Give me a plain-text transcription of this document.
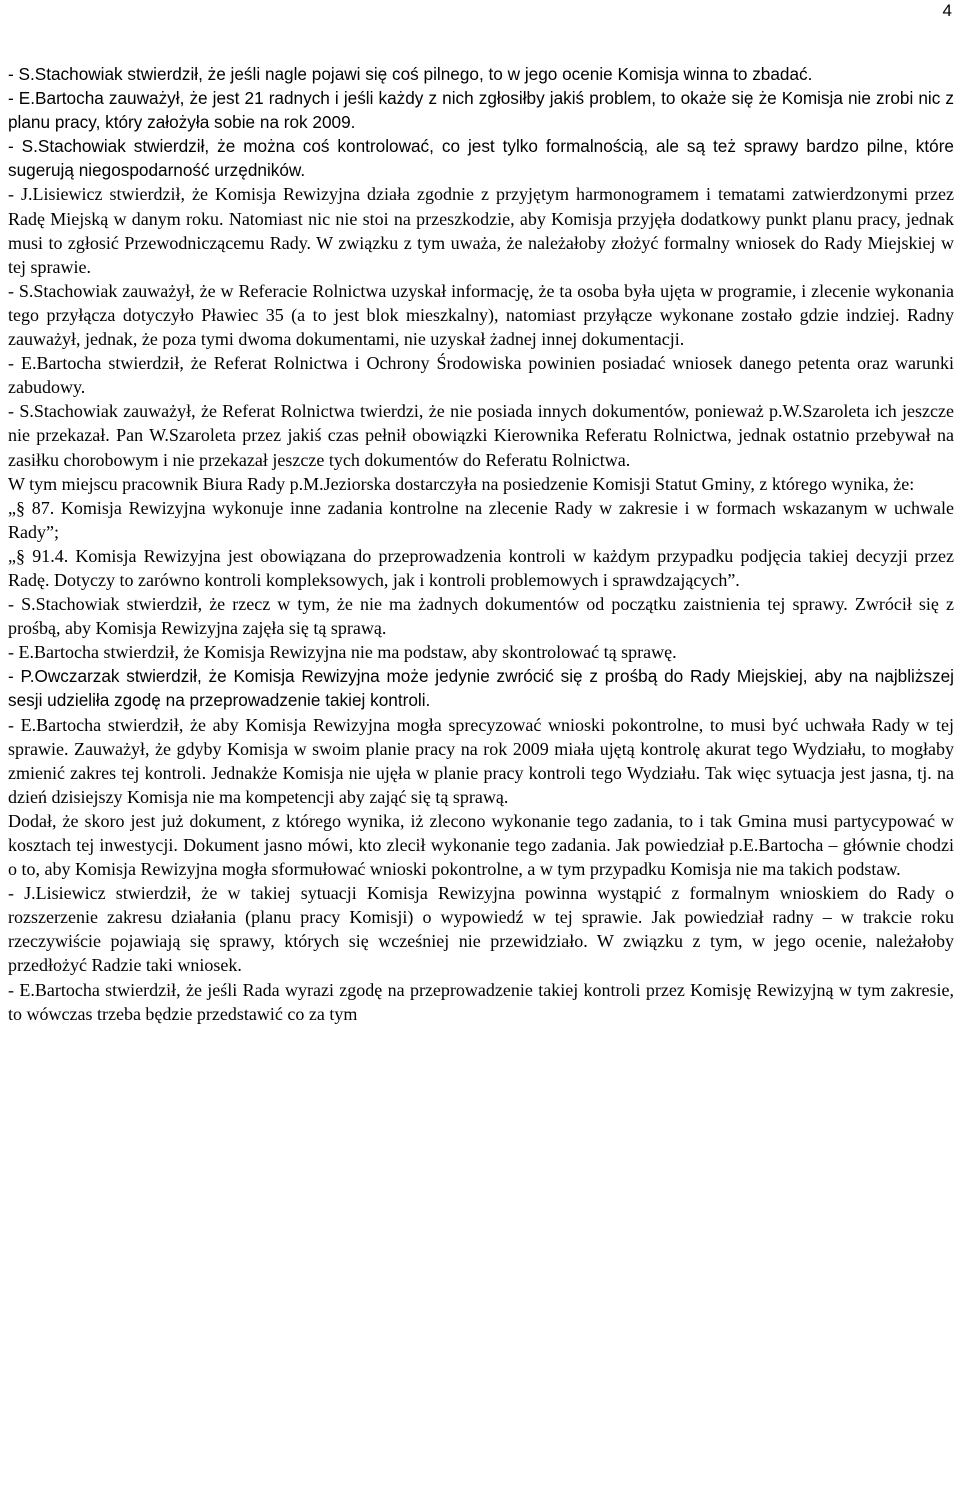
4

- S.Stachowiak stwierdził, że jeśli nagle pojawi się coś pilnego, to w jego ocenie Komisja winna to zbadać.

- E.Bartocha zauważył, że jest 21 radnych i jeśli każdy z nich zgłosiłby jakiś problem, to okaże się że Komisja nie zrobi nic z planu pracy, który założyła sobie na rok 2009.

- S.Stachowiak stwierdził, że można coś kontrolować, co jest tylko formalnością, ale są też sprawy bardzo pilne, które sugerują niegospodarność urzędników.

- J.Lisiewicz stwierdził, że Komisja Rewizyjna działa zgodnie z przyjętym harmonogramem i tematami zatwierdzonymi przez Radę Miejską w danym roku. Natomiast nic nie stoi na przeszkodzie, aby Komisja przyjęła dodatkowy punkt planu pracy, jednak musi to zgłosić Przewodniczącemu Rady. W związku z tym uważa, że należałoby złożyć formalny wniosek do Rady Miejskiej w tej sprawie.

- S.Stachowiak zauważył, że w Referacie Rolnictwa uzyskał informację, że ta osoba była ujęta w programie, i zlecenie wykonania tego przyłącza dotyczyło Pławiec 35 (a to jest blok mieszkalny), natomiast przyłącze wykonane zostało gdzie indziej. Radny zauważył, jednak, że poza tymi dwoma dokumentami, nie uzyskał żadnej innej dokumentacji.

- E.Bartocha stwierdził, że Referat Rolnictwa i Ochrony Środowiska powinien posiadać wniosek danego petenta oraz warunki zabudowy.

- S.Stachowiak zauważył, że Referat Rolnictwa twierdzi, że nie posiada innych dokumentów, ponieważ p.W.Szaroleta ich jeszcze nie przekazał. Pan W.Szaroleta przez jakiś czas pełnił obowiązki Kierownika Referatu Rolnictwa, jednak ostatnio przebywał na zasiłku chorobowym i nie przekazał jeszcze tych dokumentów do Referatu Rolnictwa.

W tym miejscu pracownik Biura Rady p.M.Jeziorska dostarczyła na posiedzenie Komisji Statut Gminy, z którego wynika, że:

„§ 87. Komisja Rewizyjna wykonuje inne zadania kontrolne na zlecenie Rady w zakresie i w formach wskazanym w uchwale Rady”;

„§ 91.4. Komisja Rewizyjna jest obowiązana do przeprowadzenia kontroli w każdym przypadku podjęcia takiej decyzji przez Radę. Dotyczy to zarówno kontroli kompleksowych, jak i kontroli problemowych i sprawdzających”.

- S.Stachowiak stwierdził, że rzecz w tym, że nie ma żadnych dokumentów od początku zaistnienia tej sprawy. Zwrócił się z prośbą, aby Komisja Rewizyjna zajęła się tą sprawą.

- E.Bartocha stwierdził, że Komisja Rewizyjna nie ma podstaw, aby skontrolować tą sprawę.

- P.Owczarzak stwierdził, że Komisja Rewizyjna może jedynie zwrócić się z prośbą do Rady Miejskiej, aby na najbliższej sesji udzieliła zgodę na przeprowadzenie takiej kontroli.

- E.Bartocha stwierdził, że aby Komisja Rewizyjna mogła sprecyzować wnioski pokontrolne, to musi być uchwała Rady w tej sprawie. Zauważył, że gdyby Komisja w swoim planie pracy na rok 2009 miała ujętą kontrolę akurat tego Wydziału, to mogłaby zmienić zakres tej kontroli. Jednakże Komisja nie ujęła w planie pracy kontroli tego Wydziału. Tak więc sytuacja jest jasna, tj. na dzień dzisiejszy Komisja nie ma kompetencji aby zająć się tą sprawą.

Dodał, że skoro jest już dokument, z którego wynika, iż zlecono wykonanie tego zadania, to i tak Gmina musi partycypować w kosztach tej inwestycji. Dokument jasno mówi, kto zlecił wykonanie tego zadania. Jak powiedział p.E.Bartocha – głównie chodzi o to, aby Komisja Rewizyjna mogła sformułować wnioski pokontrolne, a w tym przypadku Komisja nie ma takich podstaw.

- J.Lisiewicz stwierdził, że w takiej sytuacji Komisja Rewizyjna powinna wystąpić z formalnym wnioskiem do Rady o rozszerzenie zakresu działania (planu pracy Komisji) o wypowiedź w tej sprawie. Jak powiedział radny – w trakcie roku rzeczywiście pojawiają się sprawy, których się wcześniej nie przewidziało. W związku z tym, w jego ocenie, należałoby przedłożyć Radzie taki wniosek.

- E.Bartocha stwierdził, że jeśli Rada wyrazi zgodę na przeprowadzenie takiej kontroli przez Komisję Rewizyjną w tym zakresie, to wówczas trzeba będzie przedstawić co za tym
